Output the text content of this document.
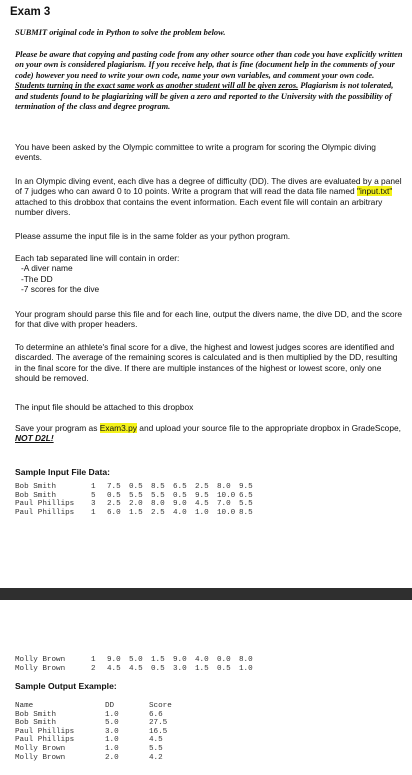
Exam 3
SUBMIT original code in Python to solve the problem below.
Please be aware that copying and pasting code from any other source other than code you have explicitly written on your own is considered plagiarism. If you receive help, that is fine (document help in the comments of your code) however you need to write your own code, name your own variables, and comment your own code. Students turning in the exact same work as another student will all be given zeros. Plagiarism is not tolerated, and students found to be plagiarizing will be given a zero and reported to the University with the possibility of termination of the class and degree program.
You have been asked by the Olympic committee to write a program for scoring the Olympic diving events.
In an Olympic diving event, each dive has a degree of difficulty (DD). The dives are evaluated by a panel of 7 judges who can award 0 to 10 points. Write a program that will read the data file named "input.txt" attached to this drobbox that contains the event information. Each event file will contain an arbitrary number divers.
Please assume the input file is in the same folder as your python program.
Each tab separated line will contain in order:
-A diver name
-The DD
-7 scores for the dive
Your program should parse this file and for each line, output the divers name, the dive DD, and the score for that dive with proper headers.
To determine an athlete's final score for a dive, the highest and lowest judges scores are identified and discarded. The average of the remaining scores is calculated and is then multiplied by the DD, resulting in the final score for the dive. If there are multiple instances of the highest or lowest score, only one should be removed.
The input file should be attached to this dropbox
Save your program as Exam3.py and upload your source file to the appropriate dropbox in GradeScope, NOT D2L!
Sample Input File Data:
Bob Smith	1	7.5	0.5	8.5	6.5	2.5	8.0	9.5
Bob Smith	5	0.5	5.5	5.5	0.5	9.5	10.0 6.5
Paul Phillips	3	2.5	2.0	8.0	9.0	4.5	7.0	5.5
Paul Phillips	1	6.0	1.5	2.5	4.0	1.0	10.0 8.5
Molly Brown	1	9.0	5.0	1.5	9.0	4.0	0.0	8.0
Molly Brown	2	4.5	4.5	0.5	3.0	1.5	0.5	1.0
Sample Output Example:
Name	DD	Score
Bob Smith	1.0	6.6
Bob Smith	5.0	27.5
Paul Phillips	3.0	16.5
Paul Phillips	1.0	4.5
Molly Brown	1.0	5.5
Molly Brown	2.0	4.2
